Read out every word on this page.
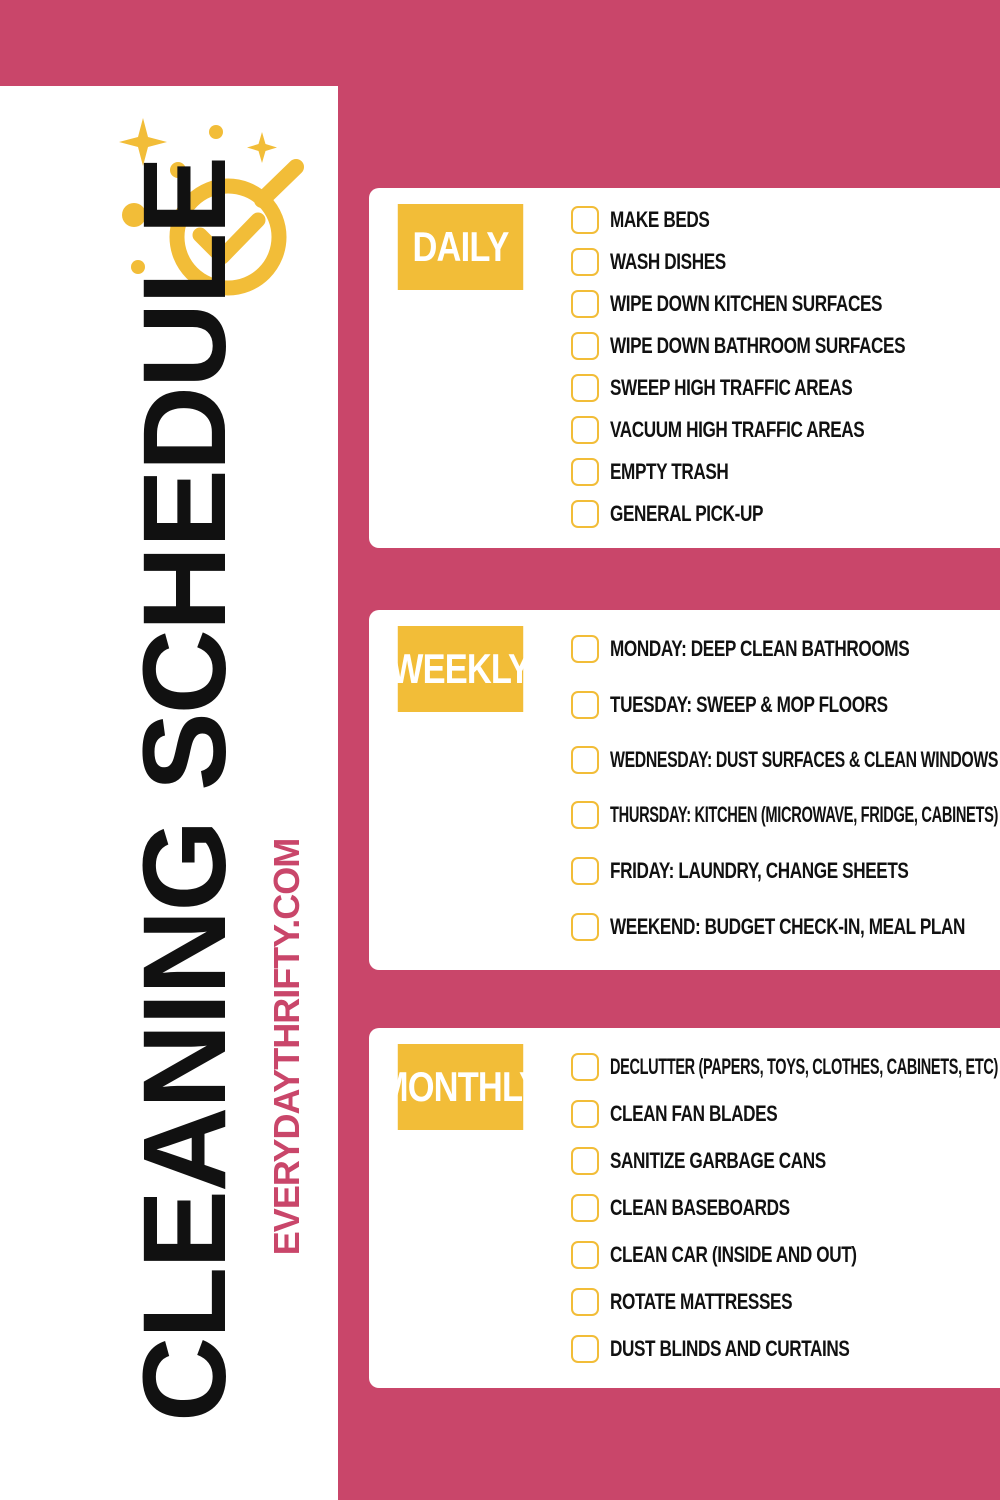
CLEANING SCHEDULE EVERYDAYTHRIFTY.COM
DAILY
MAKE BEDS
WASH DISHES
WIPE DOWN KITCHEN SURFACES
WIPE DOWN BATHROOM SURFACES
SWEEP HIGH TRAFFIC AREAS
VACUUM HIGH TRAFFIC AREAS
EMPTY TRASH
GENERAL PICK-UP
WEEKLY	MONDAY: DEEP CLEAN BATHROOMS
TUESDAY: SWEEP & MOP FLOORS
WEDNESDAY: DUST SURFACES & CLEAN WINDOWS
THURSDAY: KITCHEN (MICROWAVE, FRIDGE, CABINETS)
FRIDAY: LAUNDRY, CHANGE SHEETS
WEEKEND: BUDGET CHECK-IN, MEAL PLAN
MONTHLY	DECLUTTER (PAPERS, TOYS, CLOTHES, CABINETS, ETC)
CLEAN FAN BLADES
SANITIZE GARBAGE CANS
CLEAN BASEBOARDS
CLEAN CAR (INSIDE AND OUT)
ROTATE MATTRESSES
DUST BLINDS AND CURTAINS
